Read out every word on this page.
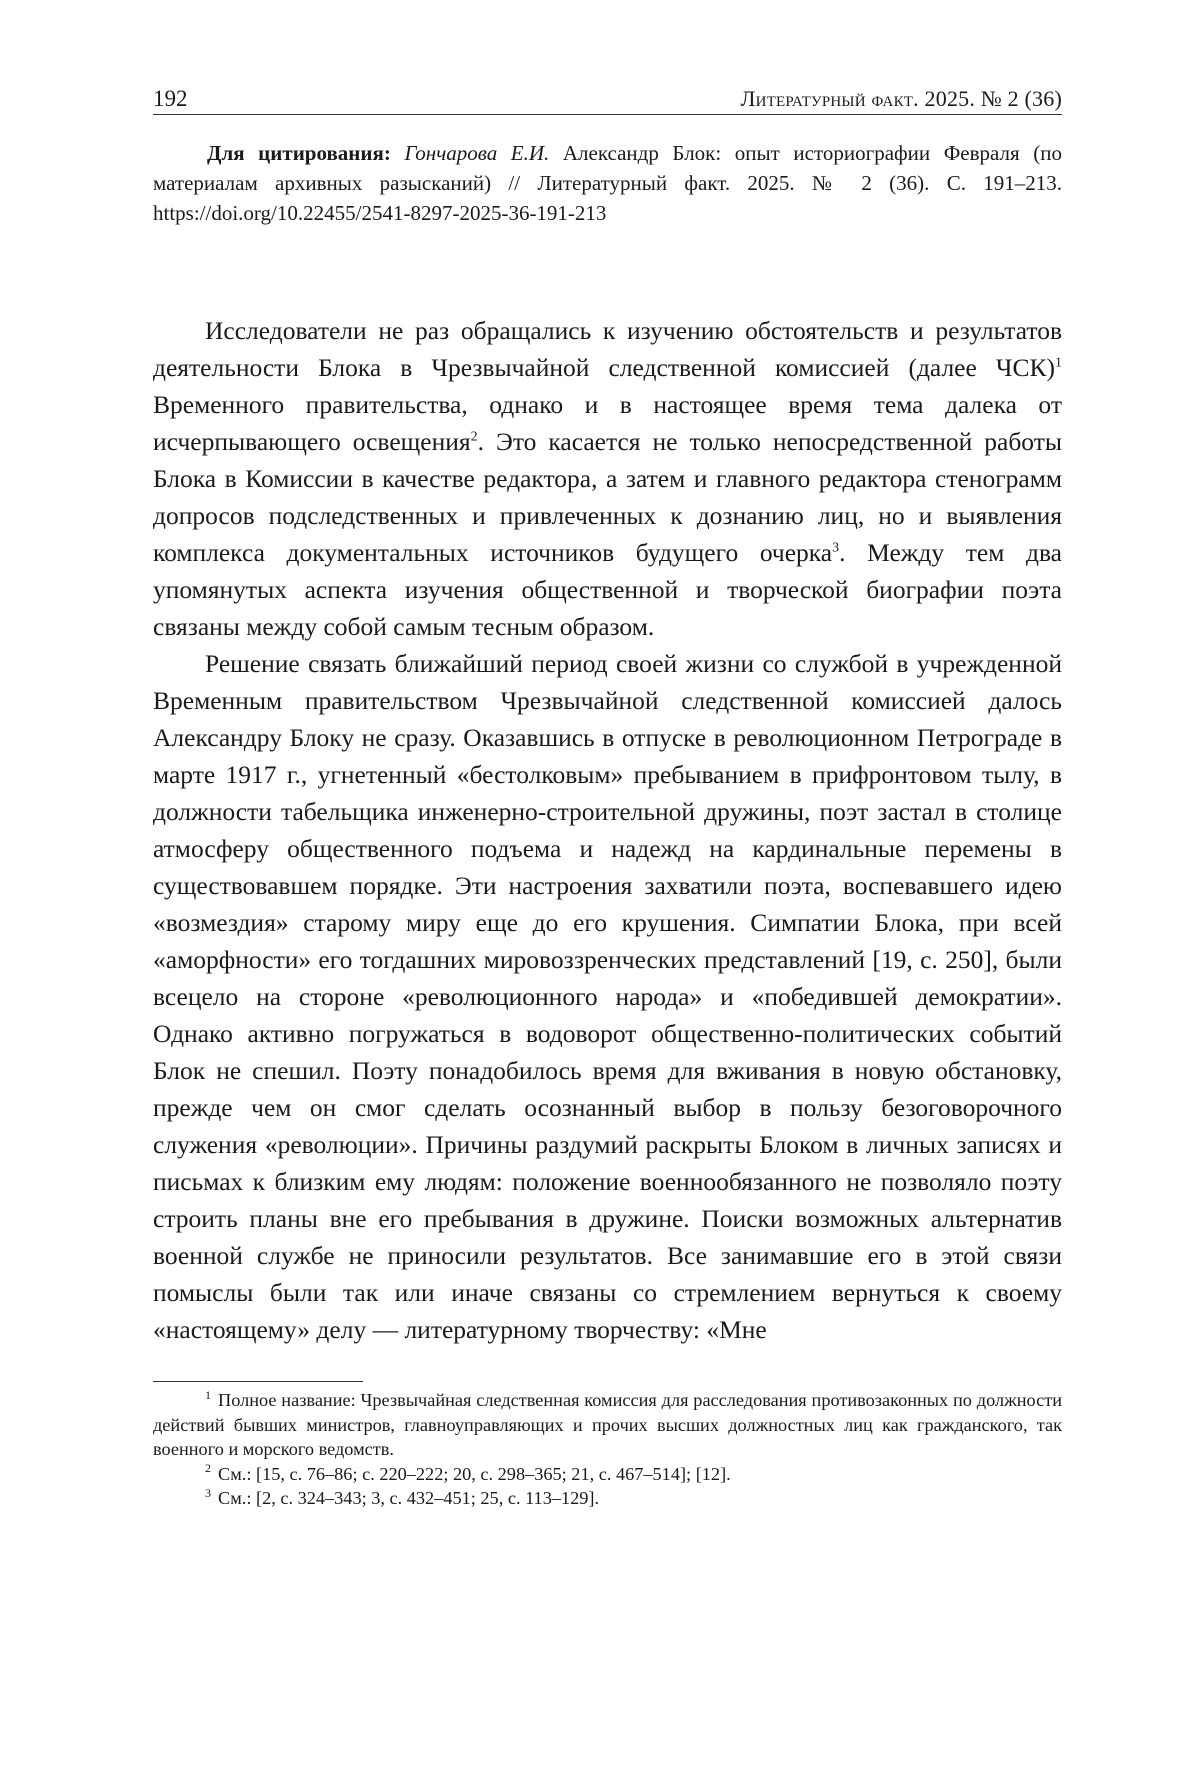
192	Литературный факт. 2025. № 2 (36)

Для цитирования: Гончарова Е.И. Александр Блок: опыт историографии Февраля (по материалам архивных разысканий) // Литературный факт. 2025. № 2 (36). С. 191–213. https://doi.org/10.22455/2541-8297-2025-36-191-213

Исследователи не раз обращались к изучению обстоятельств и результатов деятельности Блока в Чрезвычайной следственной комиссией (далее ЧСК)$^1$ Временного правительства, однако и в настоящее время тема далека от исчерпывающего освещения$^2$. Это касается не только непосредственной работы Блока в Комиссии в качестве редактора, а затем и главного редактора стенограмм допросов подследственных и привлеченных к дознанию лиц, но и выявления комплекса документальных источников будущего очерка$^3$. Между тем два упомянутых аспекта изучения общественной и творческой биографии поэта связаны между собой самым тесным образом.

Решение связать ближайший период своей жизни со службой в учрежденной Временным правительством Чрезвычайной следственной комиссией далось Александру Блоку не сразу. Оказавшись в отпуске в революционном Петрограде в марте 1917 г., угнетенный «бестолковым» пребыванием в прифронтовом тылу, в должности табельщика инженерно-строительной дружины, поэт застал в столице атмосферу общественного подъема и надежд на кардинальные перемены в существовавшем порядке. Эти настроения захватили поэта, воспевавшего идею «возмездия» старому миру еще до его крушения. Симпатии Блока, при всей «аморфности» его тогдашних мировоззренческих представлений [19, с. 250], были всецело на стороне «революционного народа» и «победившей демократии». Однако активно погружаться в водоворот общественно-политических событий Блок не спешил. Поэту понадобилось время для вживания в новую обстановку, прежде чем он смог сделать осознанный выбор в пользу безоговорочного служения «революции». Причины раздумий раскрыты Блоком в личных записях и письмах к близким ему людям: положение военнообязанного не позволяло поэту строить планы вне его пребывания в дружине. Поиски возможных альтернатив военной службе не приносили результатов. Все занимавшие его в этой связи помыслы были так или иначе связаны со стремлением вернуться к своему «настоящему» делу — литературному творчеству: «Мне

$^1$ Полное название: Чрезвычайная следственная комиссия для расследования противозаконных по должности действий бывших министров, главноуправляющих и прочих высших должностных лиц как гражданского, так военного и морского ведомств.

$^2$ См.: [15, с. 76–86; с. 220–222; 20, с. 298–365; 21, с. 467–514]; [12].

$^3$ См.: [2, с. 324–343; 3, с. 432–451; 25, с. 113–129].
